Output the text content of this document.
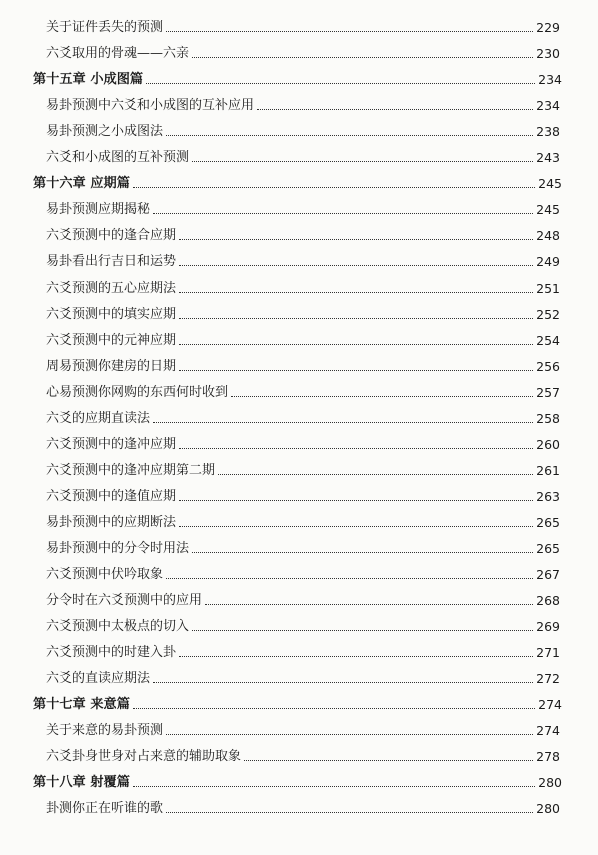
关于证件丢失的预测	229
六爻取用的骨魂——六亲	230
第十五章 小成图篇	234
易卦预测中六爻和小成图的互补应用	234
易卦预测之小成图法	238
六爻和小成图的互补预测	243
第十六章 应期篇	245
易卦预测应期揭秘	245
六爻预测中的逢合应期	248
易卦看出行吉日和运势	249
六爻预测的五心应期法	251
六爻预测中的填实应期	252
六爻预测中的元神应期	254
周易预测你建房的日期	256
心易预测你网购的东西何时收到	257
六爻的应期直读法	258
六爻预测中的逢冲应期	260
六爻预测中的逢冲应期第二期	261
六爻预测中的逢值应期	263
易卦预测中的应期断法	265
易卦预测中的分令时用法	265
六爻预测中伏吟取象	267
分令时在六爻预测中的应用	268
六爻预测中太极点的切入	269
六爻预测中的时建入卦	271
六爻的直读应期法	272
第十七章 来意篇	274
关于来意的易卦预测	274
六爻卦身世身对占来意的辅助取象	278
第十八章 射覆篇	280
卦测你正在听谁的歌	280
